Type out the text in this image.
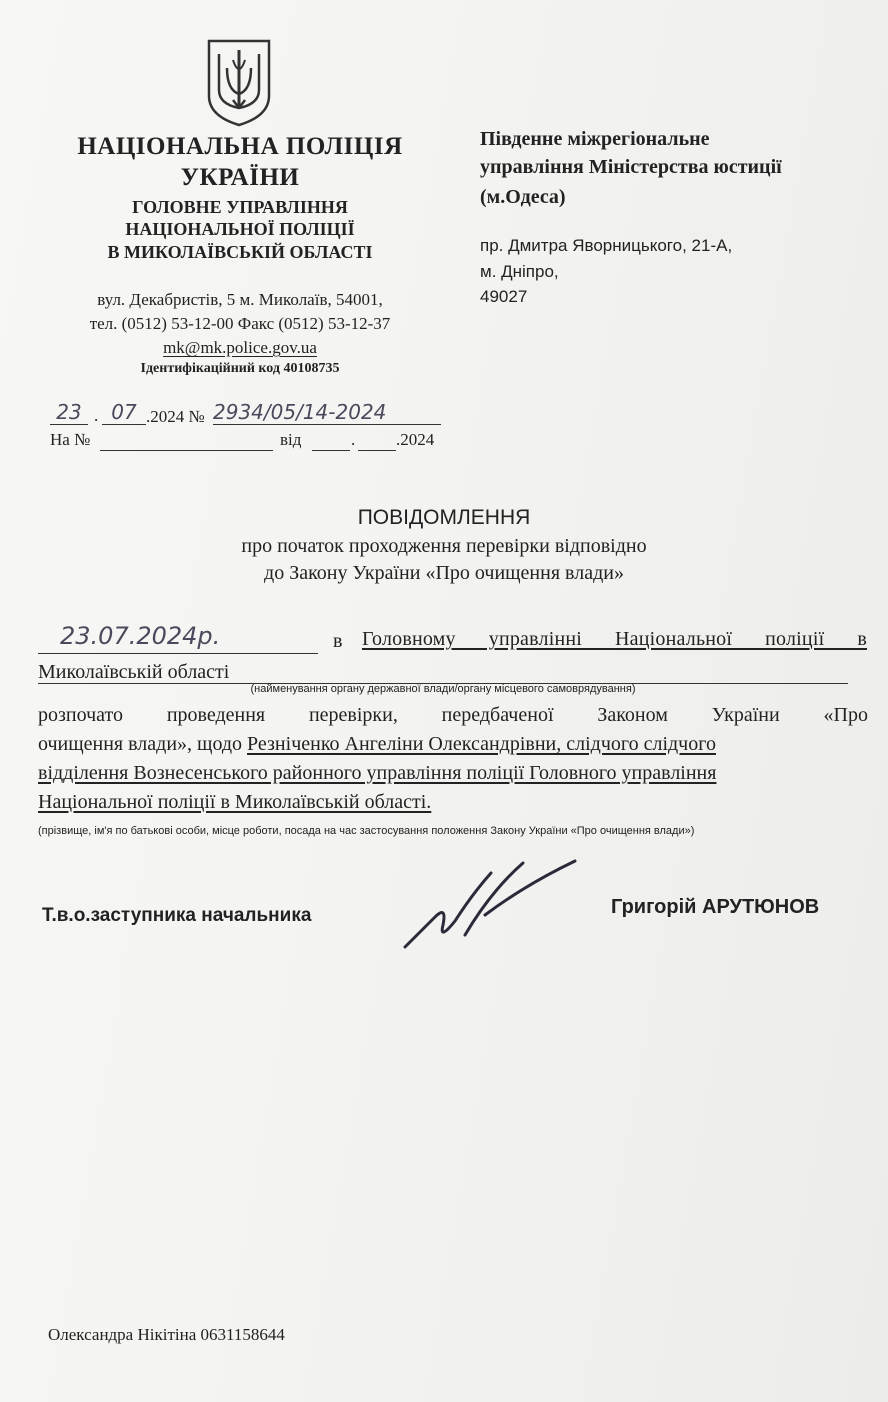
НАЦІОНАЛЬНА ПОЛІЦІЯ
УКРАЇНИ
ГОЛОВНЕ УПРАВЛІННЯ
НАЦІОНАЛЬНОЇ ПОЛІЦІЇ
В МИКОЛАЇВСЬКІЙ ОБЛАСТІ
вул. Декабристів, 5 м. Миколаїв, 54001,
тел. (0512) 53-12-00 Факс (0512) 53-12-37
mk@mk.police.gov.ua
Ідентифікаційний код 40108735
Південне міжрегіональне
управління Міністерства юстиції
(м.Одеса)
пр. Дмитра Яворницького, 21-А,
м. Дніпро,
49027
23 . 07 .2024 № 2934/05/14-2024
На №	від	. .2024
ПОВІДОМЛЕННЯ
про початок проходження перевірки відповідно
до Закону України «Про очищення влади»
23.07.2024р.	в Головному управлінні Національної поліції в
Миколаївській області
(найменування органу державної влади/органу місцевого самоврядування)
розпочато проведення перевірки, передбаченої Законом України «Про
очищення влади», щодо Резніченко Ангеліни Олександрівни, слідчого слідчого
відділення Вознесенського районного управління поліції Головного управління
Національної поліції в Миколаївській області.
(прізвище, ім'я по батькові особи, місце роботи, посада на час застосування положення Закону України «Про очищення влади»)
Т.в.о.заступника начальника	Григорій АРУТЮНОВ
Олександра Нікітіна 0631158644
